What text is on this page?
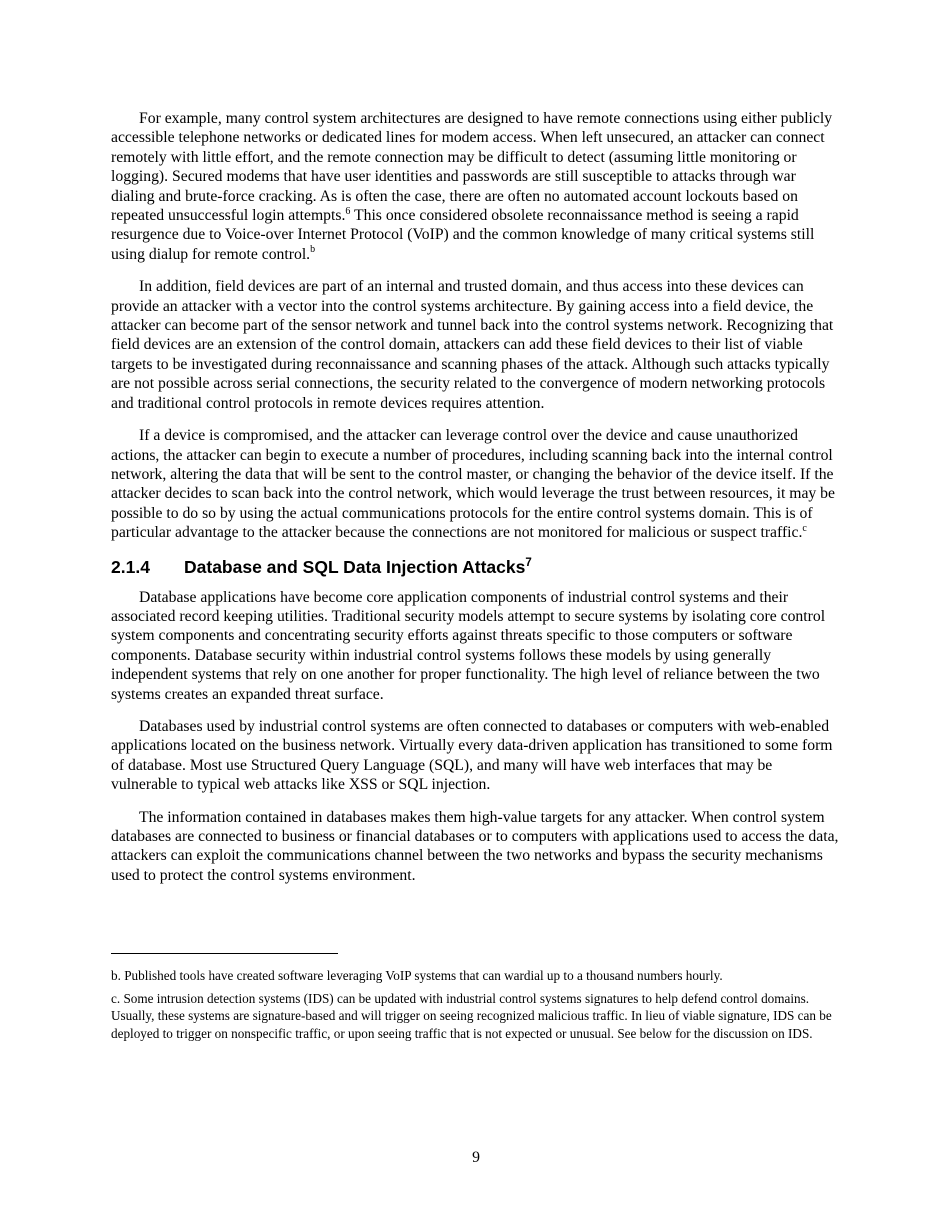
For example, many control system architectures are designed to have remote connections using either publicly accessible telephone networks or dedicated lines for modem access. When left unsecured, an attacker can connect remotely with little effort, and the remote connection may be difficult to detect (assuming little monitoring or logging). Secured modems that have user identities and passwords are still susceptible to attacks through war dialing and brute-force cracking. As is often the case, there are often no automated account lockouts based on repeated unsuccessful login attempts.$^6$ This once considered obsolete reconnaissance method is seeing a rapid resurgence due to Voice-over Internet Protocol (VoIP) and the common knowledge of many critical systems still using dialup for remote control.$^b$

In addition, field devices are part of an internal and trusted domain, and thus access into these devices can provide an attacker with a vector into the control systems architecture. By gaining access into a field device, the attacker can become part of the sensor network and tunnel back into the control systems network. Recognizing that field devices are an extension of the control domain, attackers can add these field devices to their list of viable targets to be investigated during reconnaissance and scanning phases of the attack. Although such attacks typically are not possible across serial connections, the security related to the convergence of modern networking protocols and traditional control protocols in remote devices requires attention.

If a device is compromised, and the attacker can leverage control over the device and cause unauthorized actions, the attacker can begin to execute a number of procedures, including scanning back into the internal control network, altering the data that will be sent to the control master, or changing the behavior of the device itself. If the attacker decides to scan back into the control network, which would leverage the trust between resources, it may be possible to do so by using the actual communications protocols for the entire control systems domain. This is of particular advantage to the attacker because the connections are not monitored for malicious or suspect traffic.$^c$

2.1.4 Database and SQL Data Injection Attacks$^7$

Database applications have become core application components of industrial control systems and their associated record keeping utilities. Traditional security models attempt to secure systems by isolating core control system components and concentrating security efforts against threats specific to those computers or software components. Database security within industrial control systems follows these models by using generally independent systems that rely on one another for proper functionality. The high level of reliance between the two systems creates an expanded threat surface.

Databases used by industrial control systems are often connected to databases or computers with web-enabled applications located on the business network. Virtually every data-driven application has transitioned to some form of database. Most use Structured Query Language (SQL), and many will have web interfaces that may be vulnerable to typical web attacks like XSS or SQL injection.

The information contained in databases makes them high-value targets for any attacker. When control system databases are connected to business or financial databases or to computers with applications used to access the data, attackers can exploit the communications channel between the two networks and bypass the security mechanisms used to protect the control systems environment.

b. Published tools have created software leveraging VoIP systems that can wardial up to a thousand numbers hourly.

c. Some intrusion detection systems (IDS) can be updated with industrial control systems signatures to help defend control domains. Usually, these systems are signature-based and will trigger on seeing recognized malicious traffic. In lieu of viable signature, IDS can be deployed to trigger on nonspecific traffic, or upon seeing traffic that is not expected or unusual. See below for the discussion on IDS.

9
